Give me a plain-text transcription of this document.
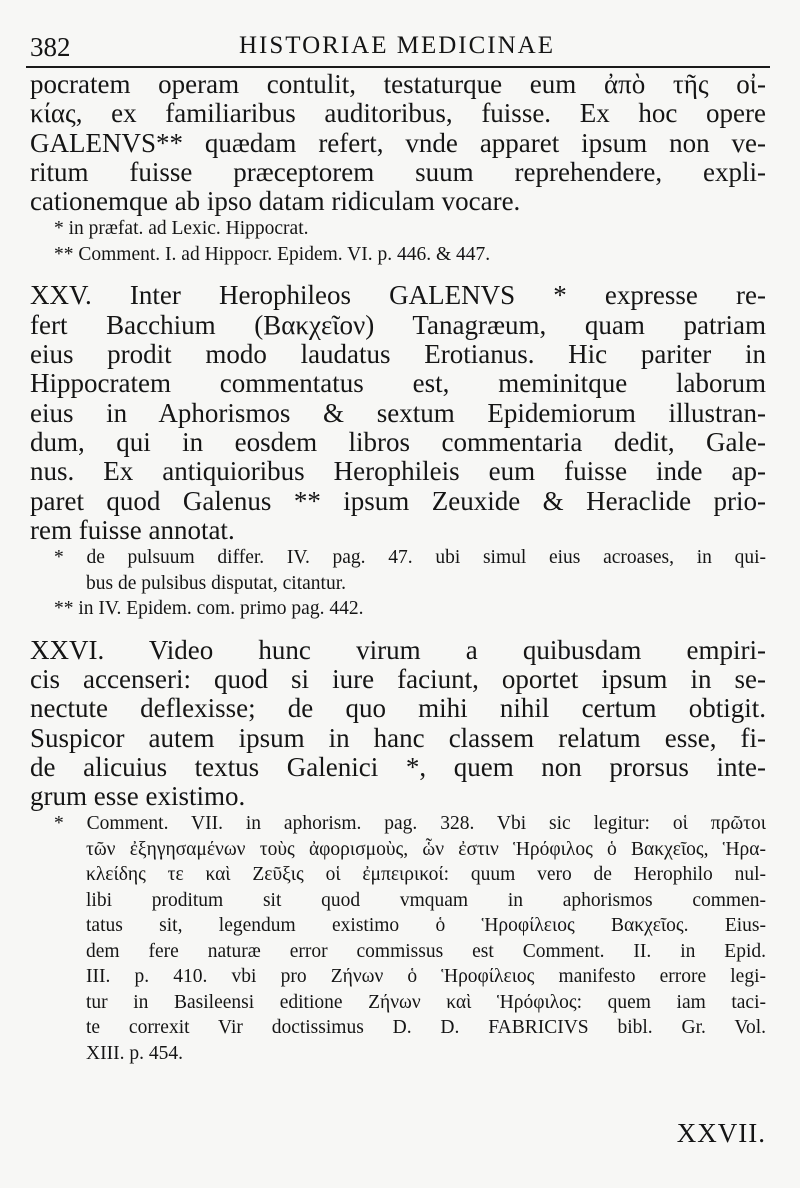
382	HISTORIAE MEDICINAE
pocratem operam contulit, testaturque eum ἀπὸ τῆς οἰ-
κίας, ex familiaribus auditoribus, fuisse. Ex hoc opere
GALENVS** quædam refert, vnde apparet ipsum non ve-
ritum fuisse præceptorem suum reprehendere, expli-
cationemque ab ipso datam ridiculam vocare.
* in præfat. ad Lexic. Hippocrat.
** Comment. I. ad Hippocr. Epidem. VI. p. 446. & 447.
XXV. Inter Herophileos GALENVS * expresse re-
fert Bacchium (Βακχεῖον) Tanagræum, quam patriam
eius prodit modo laudatus Erotianus. Hic pariter in
Hippocratem commentatus est, meminitque laborum
eius in Aphorismos & sextum Epidemiorum illustran-
dum, qui in eosdem libros commentaria dedit, Gale-
nus. Ex antiquioribus Herophileis eum fuisse inde ap-
paret quod Galenus ** ipsum Zeuxide & Heraclide prio-
rem fuisse annotat.
* de pulsuum differ. IV. pag. 47. ubi simul eius acroases, in qui-
bus de pulsibus disputat, citantur.
** in IV. Epidem. com. primo pag. 442.
XXVI. Video hunc virum a quibusdam empiri-
cis accenseri: quod si iure faciunt, oportet ipsum in se-
nectute deflexisse; de quo mihi nihil certum obtigit.
Suspicor autem ipsum in hanc classem relatum esse, fi-
de alicuius textus Galenici *, quem non prorsus inte-
grum esse existimo.
* Comment. VII. in aphorism. pag. 328. Vbi sic legitur: οἱ πρῶτοι
τῶν ἐξηγησαμένων τοὺς ἀφορισμοὺς, ὧν ἐστιν Ἡρόφιλος ὁ Βακχεῖος, Ἡρα-
κλείδης τε καὶ Ζεῦξις οἱ ἐμπειρικοί: quum vero de Herophilo nul-
libi proditum sit quod vmquam in aphorismos commen-
tatus sit, legendum existimo ὁ Ἡροφίλειος Βακχεῖος. Eius-
dem fere naturæ error commissus est Comment. II. in Epid.
III. p. 410. vbi pro Ζήνων ὁ Ἡροφίλειος manifesto errore legi-
tur in Basileensi editione Ζήνων καὶ Ἡρόφιλος: quem iam taci-
te correxit Vir doctissimus D. D. FABRICIVS bibl. Gr. Vol.
XIII. p. 454.
XXVII.
